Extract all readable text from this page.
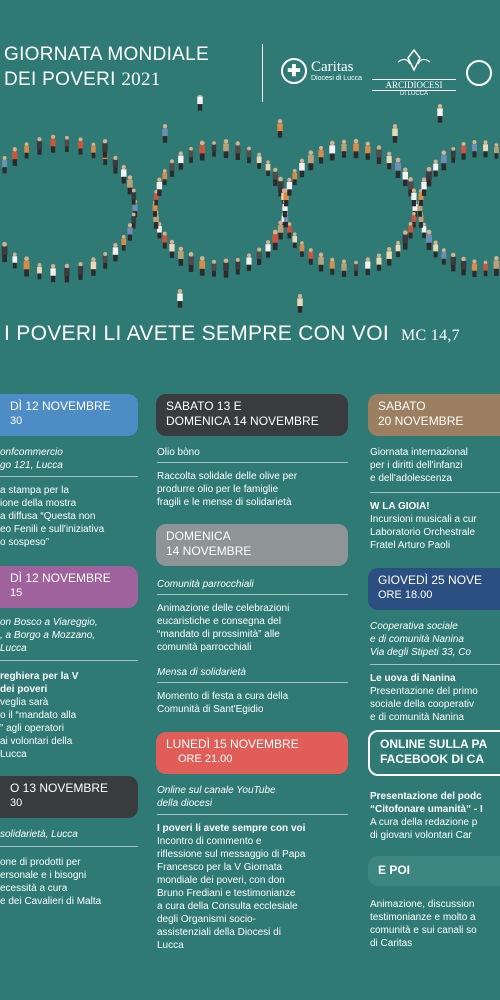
GIORNATA MONDIALE
DEI POVERI 2021	✚ Caritas
Diocesi di Lucca
ARCIDIOCESI
DI LUCCA
I POVERI LI AVETE SEMPRE CON VOI MC 14,7
DÌ 12 NOVEMBRE
30
onfcommercio
go 121, Lucca
a stampa per la
ione della mostra
a diffusa “Questa non
eo Fenili e sull'iniziativa
o sospeso”
DÌ 12 NOVEMBRE
15
on Bosco a Viareggio,
, a Borgo a Mozzano,
Lucca
reghiera per la V
dei poveri
veglia sarà
o il “mandato alla
” agli operatori
ai volontari della
Lucca
O 13 NOVEMBRE
30
solidarietà, Lucca
one di prodotti per
ersonale e i bisogni
ecessità a cura
e dei Cavalieri di Malta
SABATO 13 E
DOMENICA 14 NOVEMBRE
Olio bòno
Raccolta solidale delle olive per
produrre olio per le famiglie
fragili e le mense di solidarietà
DOMENICA
14 NOVEMBRE
Comunità parrocchiali
Animazione delle celebrazioni
eucaristiche e consegna del
“mandato di prossimità” alle
comunità parrocchiali
Mensa di solidarietà
Momento di festa a cura della
Comunità di Sant'Egidio
LUNEDÌ 15 NOVEMBRE
ORE 21.00
Online sul canale YouTube
della diocesi
I poveri li avete sempre con voi
Incontro di commento e
riflessione sul messaggio di Papa
Francesco per la V Giornata
mondiale dei poveri, con don
Bruno Frediani e testimonianze
a cura della Consulta ecclesiale
degli Organismi socio-
assistenziali della Diocesi di
Lucca
SABATO
20 NOVEMBRE
Giornata internazional
per i diritti dell'infanzi
e dell'adolescenza
W LA GIOIA!
Incursioni musicali a cur
Laboratorio Orchestrale
Fratel Arturo Paoli
GIOVEDÌ 25 NOVE
ORE 18.00
Cooperativa sociale
e di comunità Nanina
Via degli Stipeti 33, Co
Le uova di Nanina
Presentazione del primo
sociale della cooperativ
e di comunità Nanina
ONLINE SULLA PA
FACEBOOK DI CA
Presentazione del podc
“Citofonare umanità” - I
A cura della redazione p
di giovani volontari Car
E POI
Animazione, discussion
testimonianze e molto a
comunità e sui canali so
di Caritas
